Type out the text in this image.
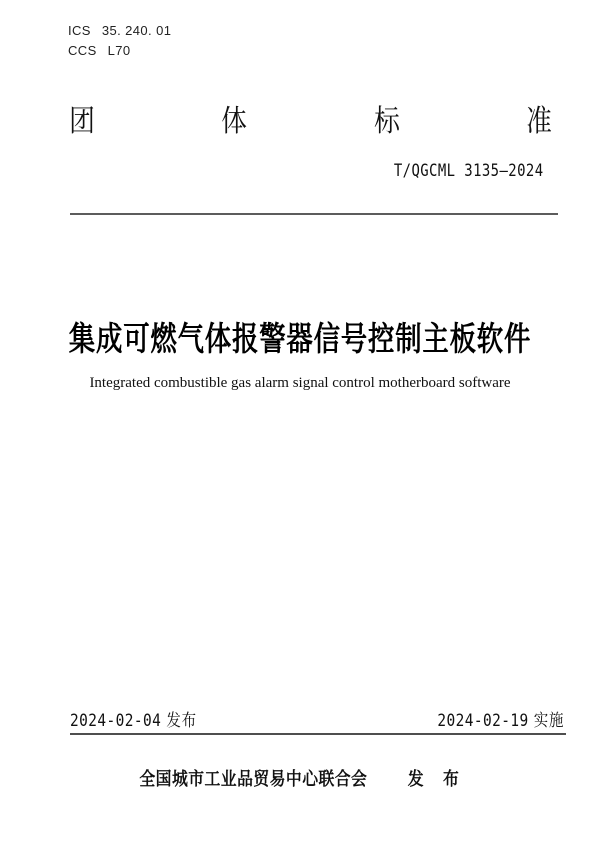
ICS 35. 240. 01
CCS L70
团	体	标	准
T/QGCML 3135—2024
集成可燃气体报警器信号控制主板软件
Integrated combustible gas alarm signal control motherboard software
2024-02-04 发布	2024-02-19 实施
全国城市工业品贸易中心联合会 发　布
